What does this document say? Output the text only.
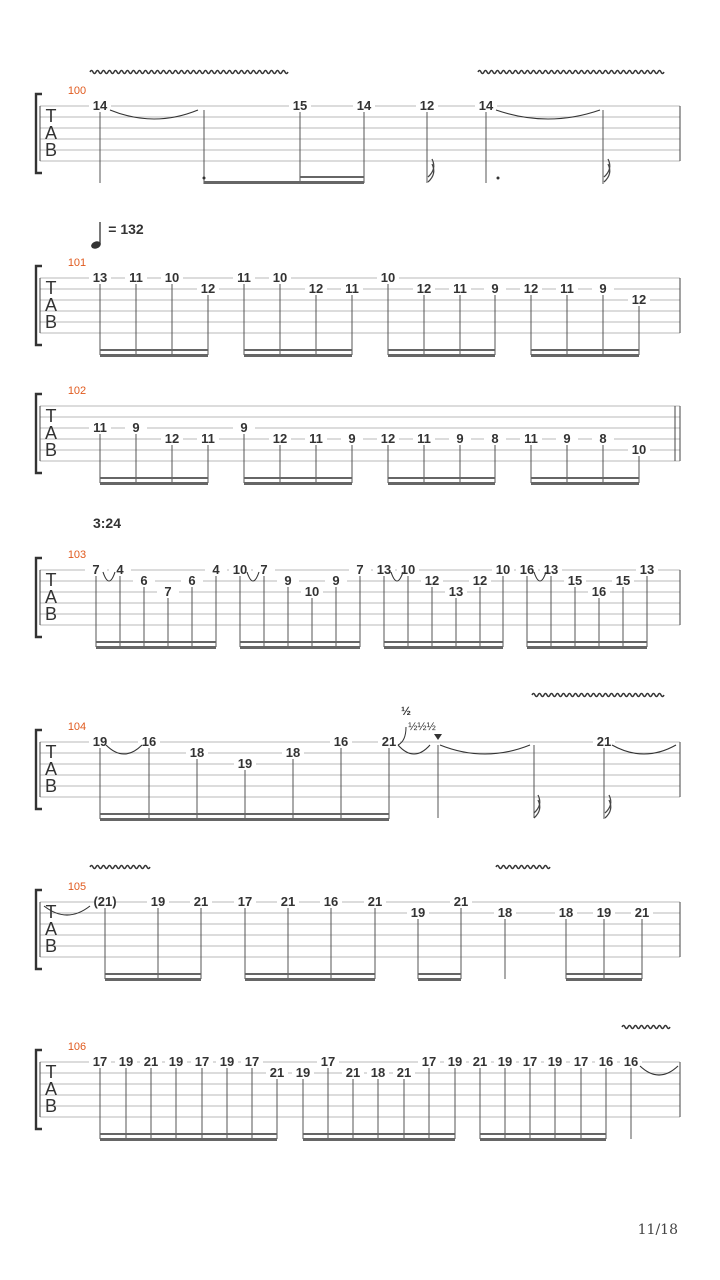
T
A
B
100
14	15	14	12	14
T
A
B
101
13 11 10
12
11 10
12 11
10
12 11 9 12 11 9
12
T
A
B
102
11 9
12 11
9
12 11 9 12 11 9 8 11 9 8
10
T
A
B
103
7 4
6
7
6
4 10 7
9
10
9
7 13 10
12
13
12
10 16 13
15
16
15
13
T
A
B
104
19	16
18
19
18
16	21	21
T
A
B
105
(21)	19 21 17 21 16 21
19
21
18	18 19 21
T
A
B
106
17 19 21 19 17 19 17
21 19
17
21 18 21
17 19 21 19 17 19 17 16 16
= 132
3:24
½
½½½
11/18
